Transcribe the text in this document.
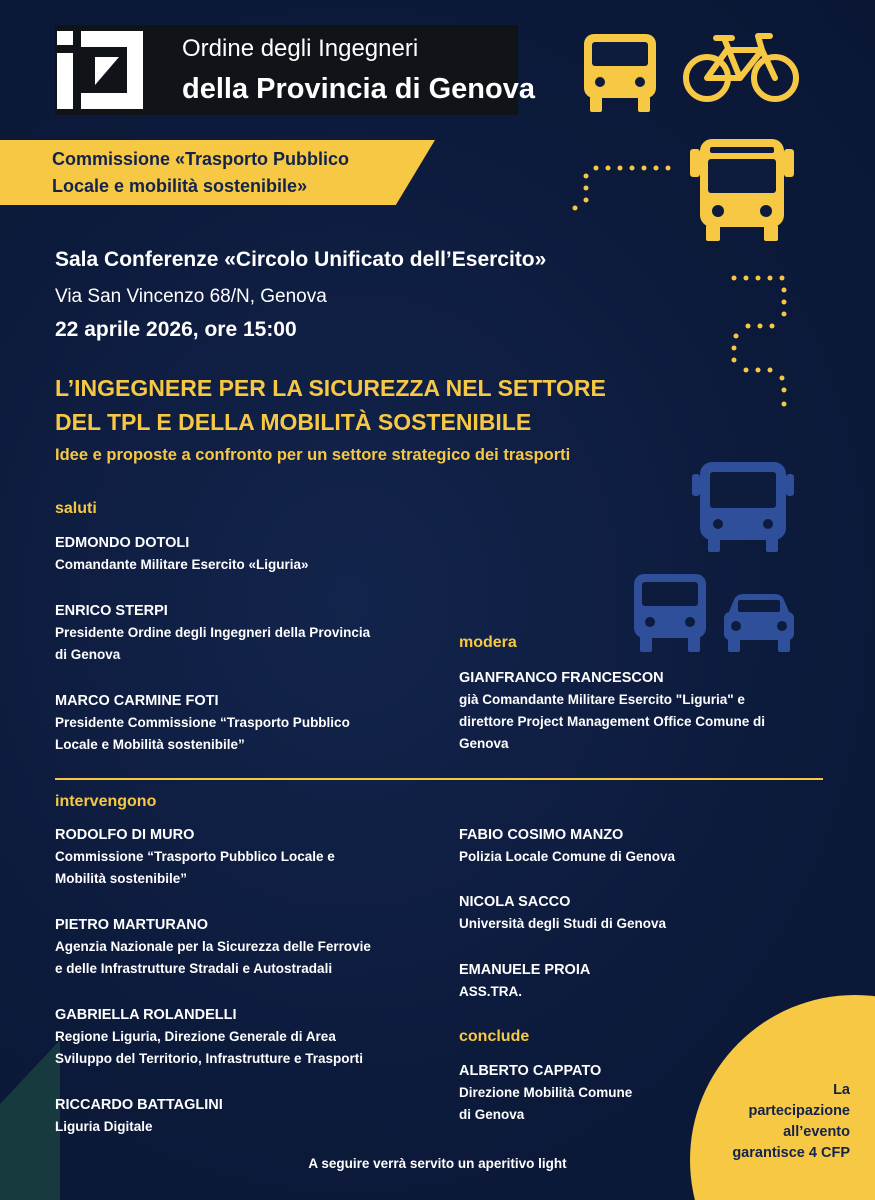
Ordine degli Ingegneri
della Provincia di Genova
Commissione «Trasporto Pubblico
Locale e mobilità sostenibile»
Sala Conferenze «Circolo Unificato dell’Esercito»
Via San Vincenzo 68/N, Genova
22 aprile 2026, ore 15:00
L’INGEGNERE PER LA SICUREZZA NEL SETTORE
DEL TPL E DELLA MOBILITÀ SOSTENIBILE
Idee e proposte a confronto per un settore strategico dei trasporti
saluti
EDMONDO DOTOLI
Comandante Militare Esercito «Liguria»
ENRICO STERPI
Presidente Ordine degli Ingegneri della Provincia
di Genova
MARCO CARMINE FOTI
Presidente Commissione “Trasporto Pubblico
Locale e Mobilità sostenibile”
modera
GIANFRANCO FRANCESCON
già Comandante Militare Esercito "Liguria" e
direttore Project Management Office Comune di
Genova
intervengono
RODOLFO DI MURO
Commissione “Trasporto Pubblico Locale e
Mobilità sostenibile”
PIETRO MARTURANO
Agenzia Nazionale per la Sicurezza delle Ferrovie
e delle Infrastrutture Stradali e Autostradali
GABRIELLA ROLANDELLI
Regione Liguria, Direzione Generale di Area
Sviluppo del Territorio, Infrastrutture e Trasporti
RICCARDO BATTAGLINI
Liguria Digitale
FABIO COSIMO MANZO
Polizia Locale Comune di Genova
NICOLA SACCO
Università degli Studi di Genova
EMANUELE PROIA
ASS.TRA.
conclude
ALBERTO CAPPATO
Direzione Mobilità Comune
di Genova
La
partecipazione
all’evento
garantisce 4 CFP
A seguire verrà servito un aperitivo light
